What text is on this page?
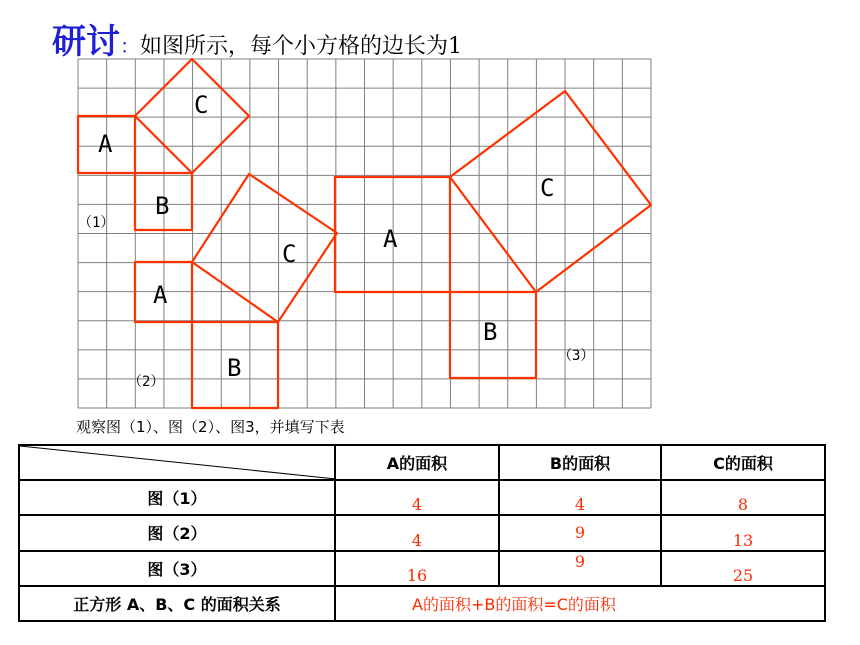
研讨：如图所示，每个小方格的边长为1
A
B
C
（1）
A
B
C
（2）
A
B
C
（3）
观察图（1）、图（2）、图3，并填写下表
	A的面积	B的面积	C的面积
图（1）	4	4	8
图（2）	4	9	13
图（3）	16	9	25
正方形 A、B、C 的面积关系	A的面积+B的面积=C的面积		
